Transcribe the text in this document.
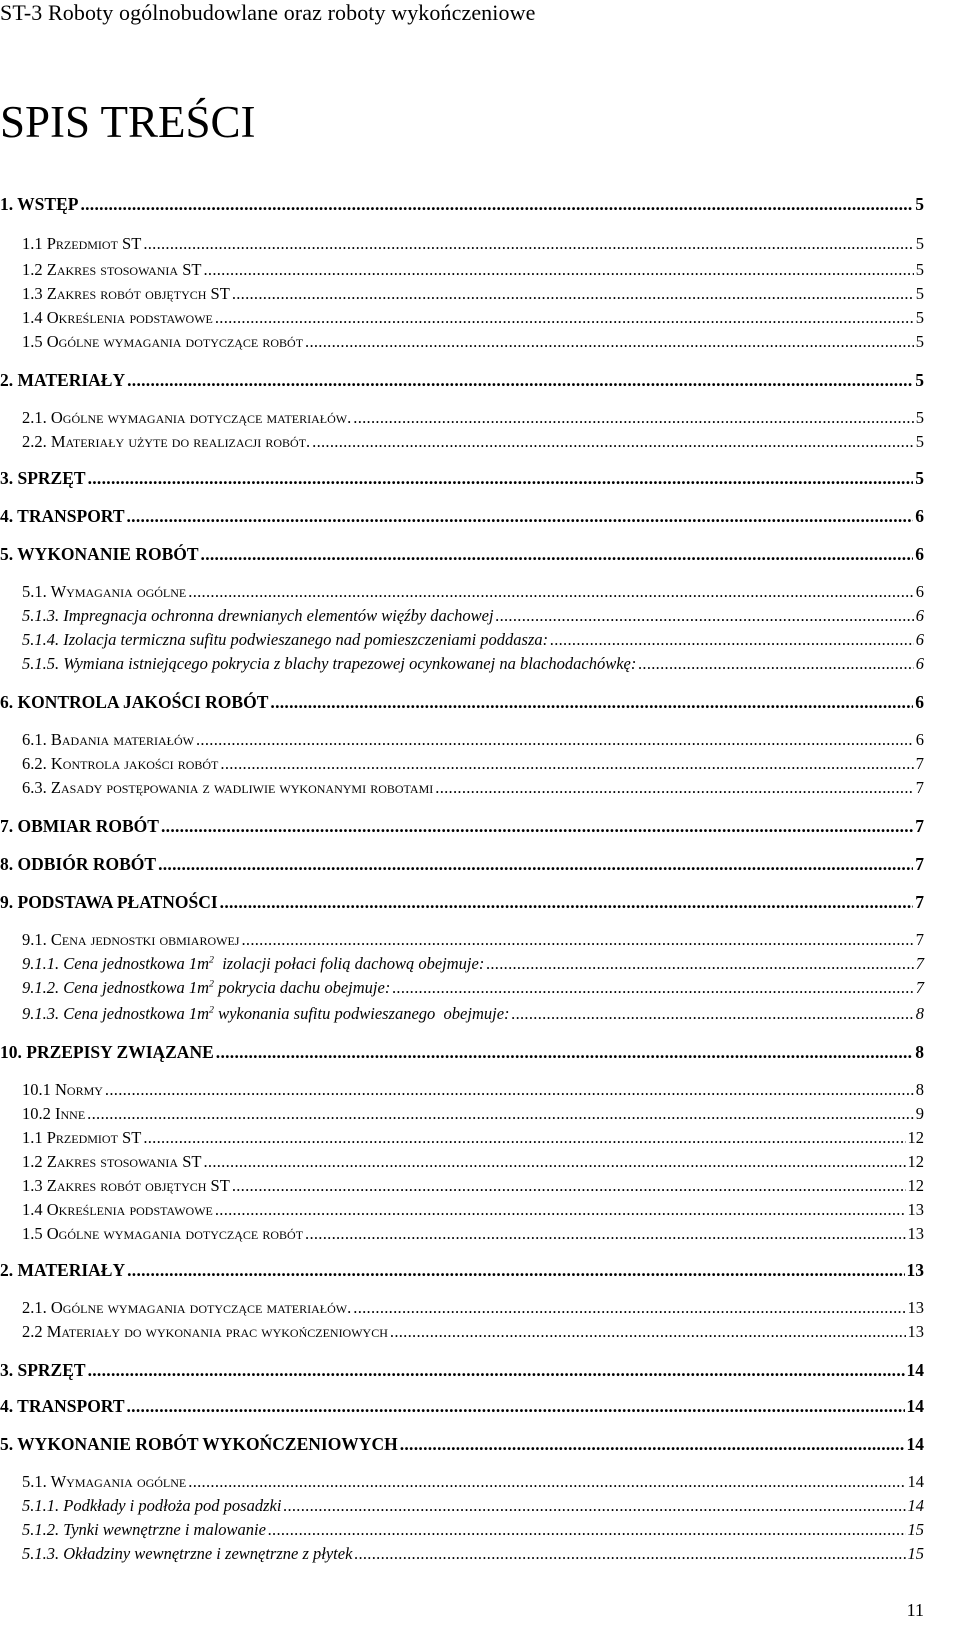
ST-3 Roboty ogólnobudowlane oraz roboty wykończeniowe
SPIS TREŚCI
1. WSTĘP .....	5
1.1 Przedmiot ST .....	5
1.2 Zakres stosowania ST .....	5
1.3 Zakres robót objętych ST .....	5
1.4 Określenia podstawowe .....	5
1.5 Ogólne wymagania dotyczące robót .....	5
2. MATERIAŁY .....	5
2.1. Ogólne wymagania dotyczące materiałów. .....	5
2.2. Materiały użyte do realizacji robót. .....	5
3. SPRZĘT .....	5
4. TRANSPORT .....	6
5. WYKONANIE ROBÓT .....	6
5.1. Wymagania ogólne .....	6
5.1.3. Impregnacja ochronna drewnianych elementów więźby dachowej .....	6
5.1.4. Izolacja termiczna sufitu podwieszanego nad pomieszczeniami poddasza: .....	6
5.1.5. Wymiana istniejącego pokrycia z blachy trapezowej ocynkowanej na blachodachówkę: .....	6
6. KONTROLA JAKOŚCI ROBÓT .....	6
6.1. Badania materiałów .....	6
6.2. Kontrola jakości robót .....	7
6.3. Zasady postępowania z wadliwie wykonanymi robotami .....	7
7. OBMIAR ROBÓT .....	7
8. ODBIÓR ROBÓT .....	7
9. PODSTAWA PŁATNOŚCI .....	7
9.1. Cena jednostki obmiarowej .....	7
9.1.1. Cena jednostkowa $1m^2$  izolacji połaci folią dachową obejmuje: .....	7
9.1.2. Cena jednostkowa $1m^2$ pokrycia dachu obejmuje: .....	7
9.1.3. Cena jednostkowa $1m^2$ wykonania sufitu podwieszanego  obejmuje: .....	8
10. PRZEPISY ZWIĄZANE .....	8
10.1 Normy .....	8
10.2 Inne .....	9
1.1 Przedmiot ST .....	12
1.2 Zakres stosowania ST .....	12
1.3 Zakres robót objętych ST .....	12
1.4 Określenia podstawowe .....	13
1.5 Ogólne wymagania dotyczące robót .....	13
2. MATERIAŁY .....	13
2.1. Ogólne wymagania dotyczące materiałów. .....	13
2.2 Materiały do wykonania prac wykończeniowych .....	13
3. SPRZĘT .....	14
4. TRANSPORT .....	14
5. WYKONANIE ROBÓT WYKOŃCZENIOWYCH .....	14
5.1. Wymagania ogólne .....	14
5.1.1. Podkłady i podłoża pod posadzki .....	14
5.1.2. Tynki wewnętrzne i malowanie .....	15
5.1.3. Okładziny wewnętrzne i zewnętrzne z płytek .....	15
11
